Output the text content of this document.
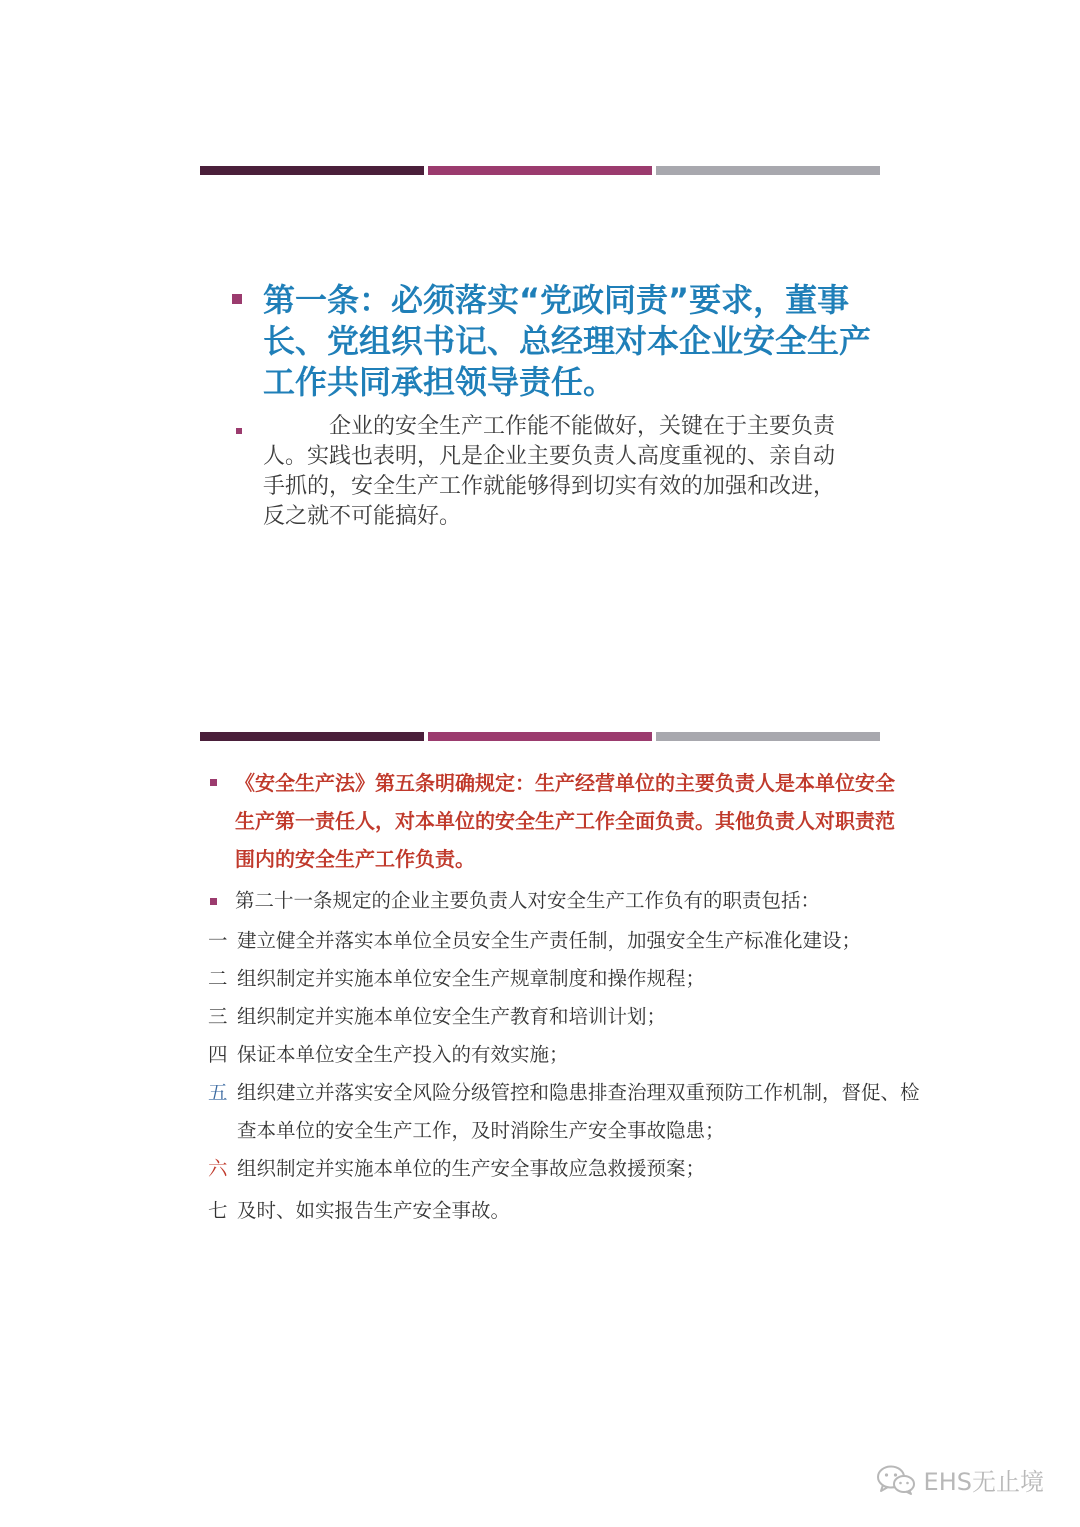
第一条：必须落实“党政同责”要求，董事长、党组织书记、总经理对本企业安全生产工作共同承担领导责任。
企业的安全生产工作能不能做好，关键在于主要负责人。实践也表明，凡是企业主要负责人高度重视的、亲自动手抓的，安全生产工作就能够得到切实有效的加强和改进，反之就不可能搞好。
《安全生产法》第五条明确规定：生产经营单位的主要负责人是本单位安全生产第一责任人，对本单位的安全生产工作全面负责。其他负责人对职责范围内的安全生产工作负责。
第二十一条规定的企业主要负责人对安全生产工作负有的职责包括：
一 建立健全并落实本单位全员安全生产责任制，加强安全生产标准化建设；
二 组织制定并实施本单位安全生产规章制度和操作规程；
三 组织制定并实施本单位安全生产教育和培训计划；
四 保证本单位安全生产投入的有效实施；
五 组织建立并落实安全风险分级管控和隐患排查治理双重预防工作机制，督促、检查本单位的安全生产工作，及时消除生产安全事故隐患；
六 组织制定并实施本单位的生产安全事故应急救援预案；
七 及时、如实报告生产安全事故。
EHS无止境
